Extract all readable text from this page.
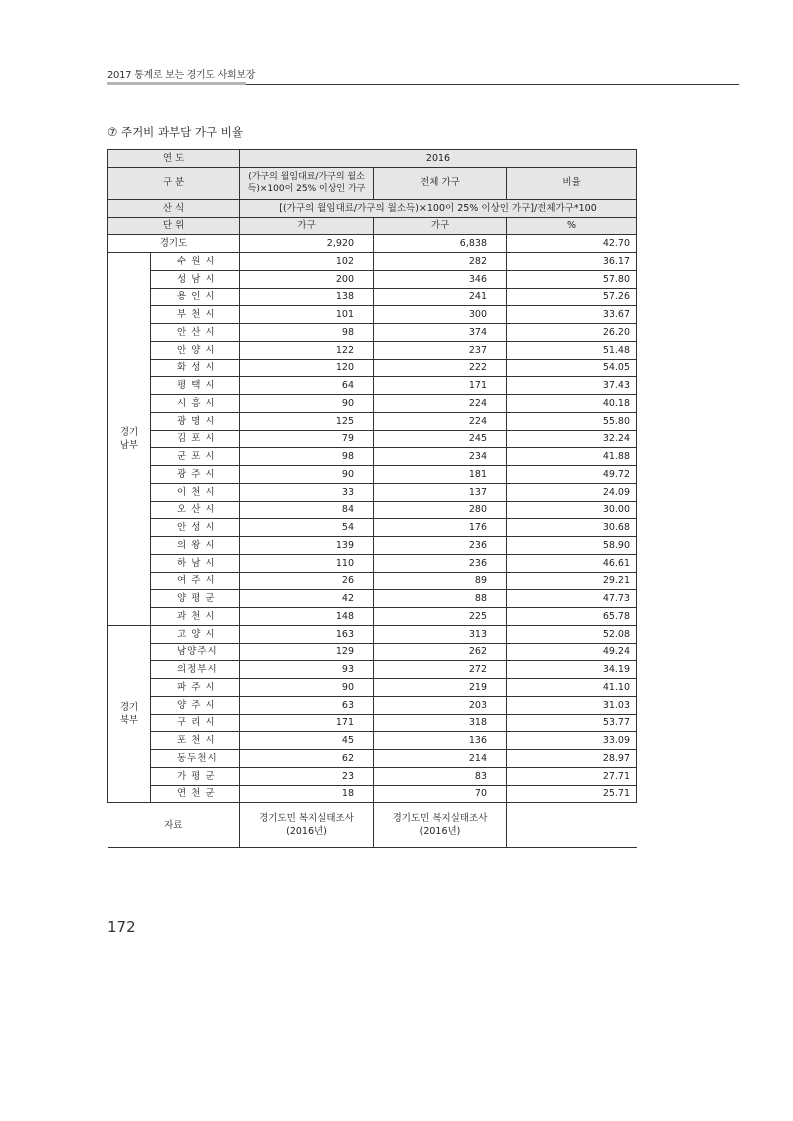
2017 통계로 보는 경기도 사회보장
⑦ 주거비 과부담 가구 비율
연 도		2016		
구 분		(가구의 월임대료/가구의 월소득)×100이 25% 이상인 가구	전체 가구	비율
산 식		[(가구의 월임대료/가구의 월소득)×100이 25% 이상인 가구]/전체가구*100		
단 위		가구	가구	%
경기도		2,920	6,838	42.70
경기남부	수 원 시	102	282	36.17
	성 남 시	200	346	57.80
	용 인 시	138	241	57.26
	부 천 시	101	300	33.67
	안 산 시	98	374	26.20
	안 양 시	122	237	51.48
	화 성 시	120	222	54.05
	평 택 시	64	171	37.43
	시 흥 시	90	224	40.18
	광 명 시	125	224	55.80
	김 포 시	79	245	32.24
	군 포 시	98	234	41.88
	광 주 시	90	181	49.72
	이 천 시	33	137	24.09
	오 산 시	84	280	30.00
	안 성 시	54	176	30.68
	의 왕 시	139	236	58.90
	하 남 시	110	236	46.61
	여 주 시	26	89	29.21
	양 평 군	42	88	47.73
	과 천 시	148	225	65.78
경기북부	고 양 시	163	313	52.08
	남양주시	129	262	49.24
	의정부시	93	272	34.19
	파 주 시	90	219	41.10
	양 주 시	63	203	31.03
	구 리 시	171	318	53.77
	포 천 시	45	136	33.09
	동두천시	62	214	28.97
	가 평 군	23	83	27.71
	연 천 군	18	70	25.71
자료		경기도민 복지실태조사 (2016년)	경기도민 복지실태조사 (2016년)	
172
